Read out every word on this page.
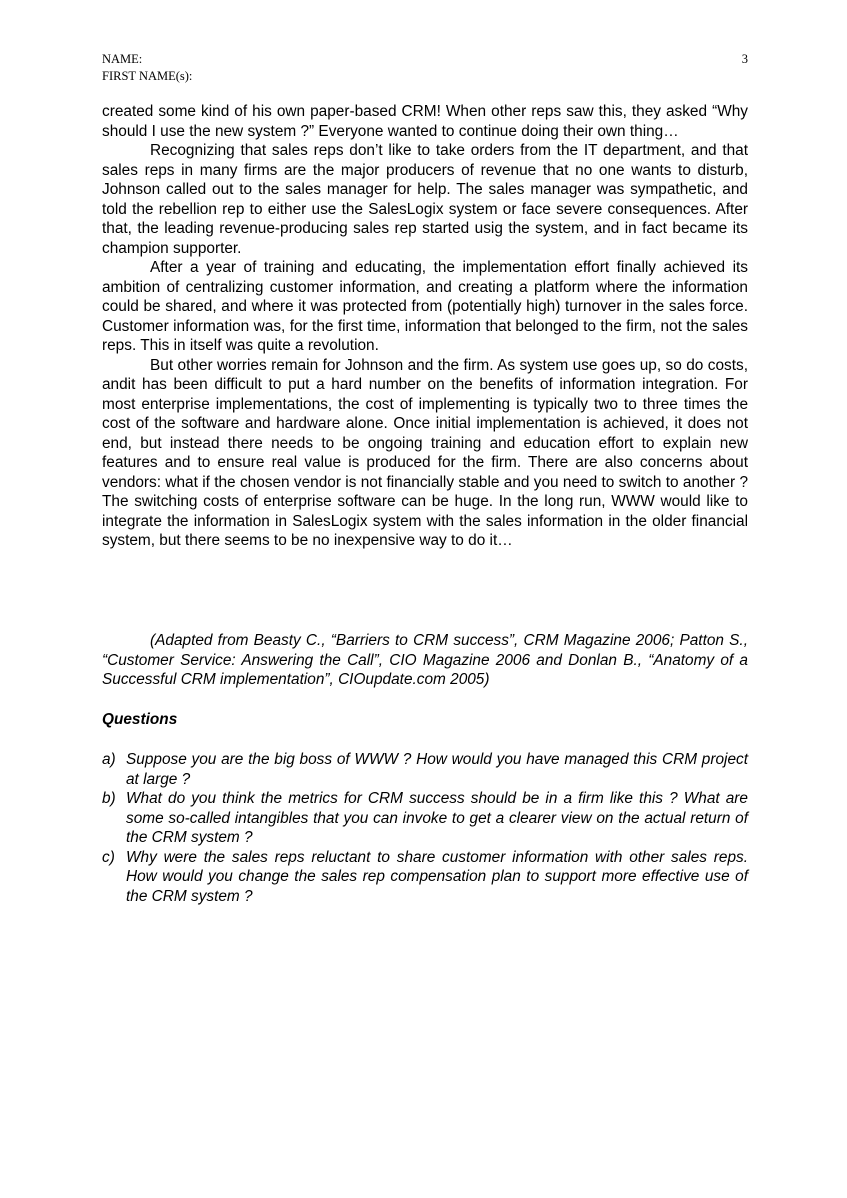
NAME:
FIRST NAME(s):
3

created some kind of his own paper-based CRM! When other reps saw this, they asked “Why should I use the new system ?” Everyone wanted to continue doing their own thing…

Recognizing that sales reps don’t like to take orders from the IT department, and that sales reps in many firms are the major producers of revenue that no one wants to disturb, Johnson called out to the sales manager for help. The sales manager was sympathetic, and told the rebellion rep to either use the SalesLogix system or face severe consequences. After that, the leading revenue-producing sales rep started usig the system, and in fact became its champion supporter.

After a year of training and educating, the implementation effort finally achieved its ambition of centralizing customer information, and creating a platform where the information could be shared, and where it was protected from (potentially high) turnover in the sales force. Customer information was, for the first time, information that belonged to the firm, not the sales reps. This in itself was quite a revolution.

But other worries remain for Johnson and the firm. As system use goes up, so do costs, andit has been difficult to put a hard number on the benefits of information integration. For most enterprise implementations, the cost of implementing is typically two to three times the cost of the software and hardware alone. Once initial implementation is achieved, it does not end, but instead there needs to be ongoing training and education effort to explain new features and to ensure real value is produced for the firm. There are also concerns about vendors: what if the chosen vendor is not financially stable and you need to switch to another ? The switching costs of enterprise software can be huge. In the long run, WWW would like to integrate the information in SalesLogix system with the sales information in the older financial system, but there seems to be no inexpensive way to do it…

(Adapted from Beasty C., “Barriers to CRM success”, CRM Magazine 2006; Patton S., “Customer Service: Answering the Call”, CIO Magazine 2006 and Donlan B., “Anatomy of a Successful CRM implementation”, CIOupdate.com 2005)

Questions
a) Suppose you are the big boss of WWW ? How would you have managed this CRM project at large ?
b) What do you think the metrics for CRM success should be in a firm like this ? What are some so-called intangibles that you can invoke to get a clearer view on the actual return of the CRM system ?
c) Why were the sales reps reluctant to share customer information with other sales reps. How would you change the sales rep compensation plan to support more effective use of the CRM system ?
